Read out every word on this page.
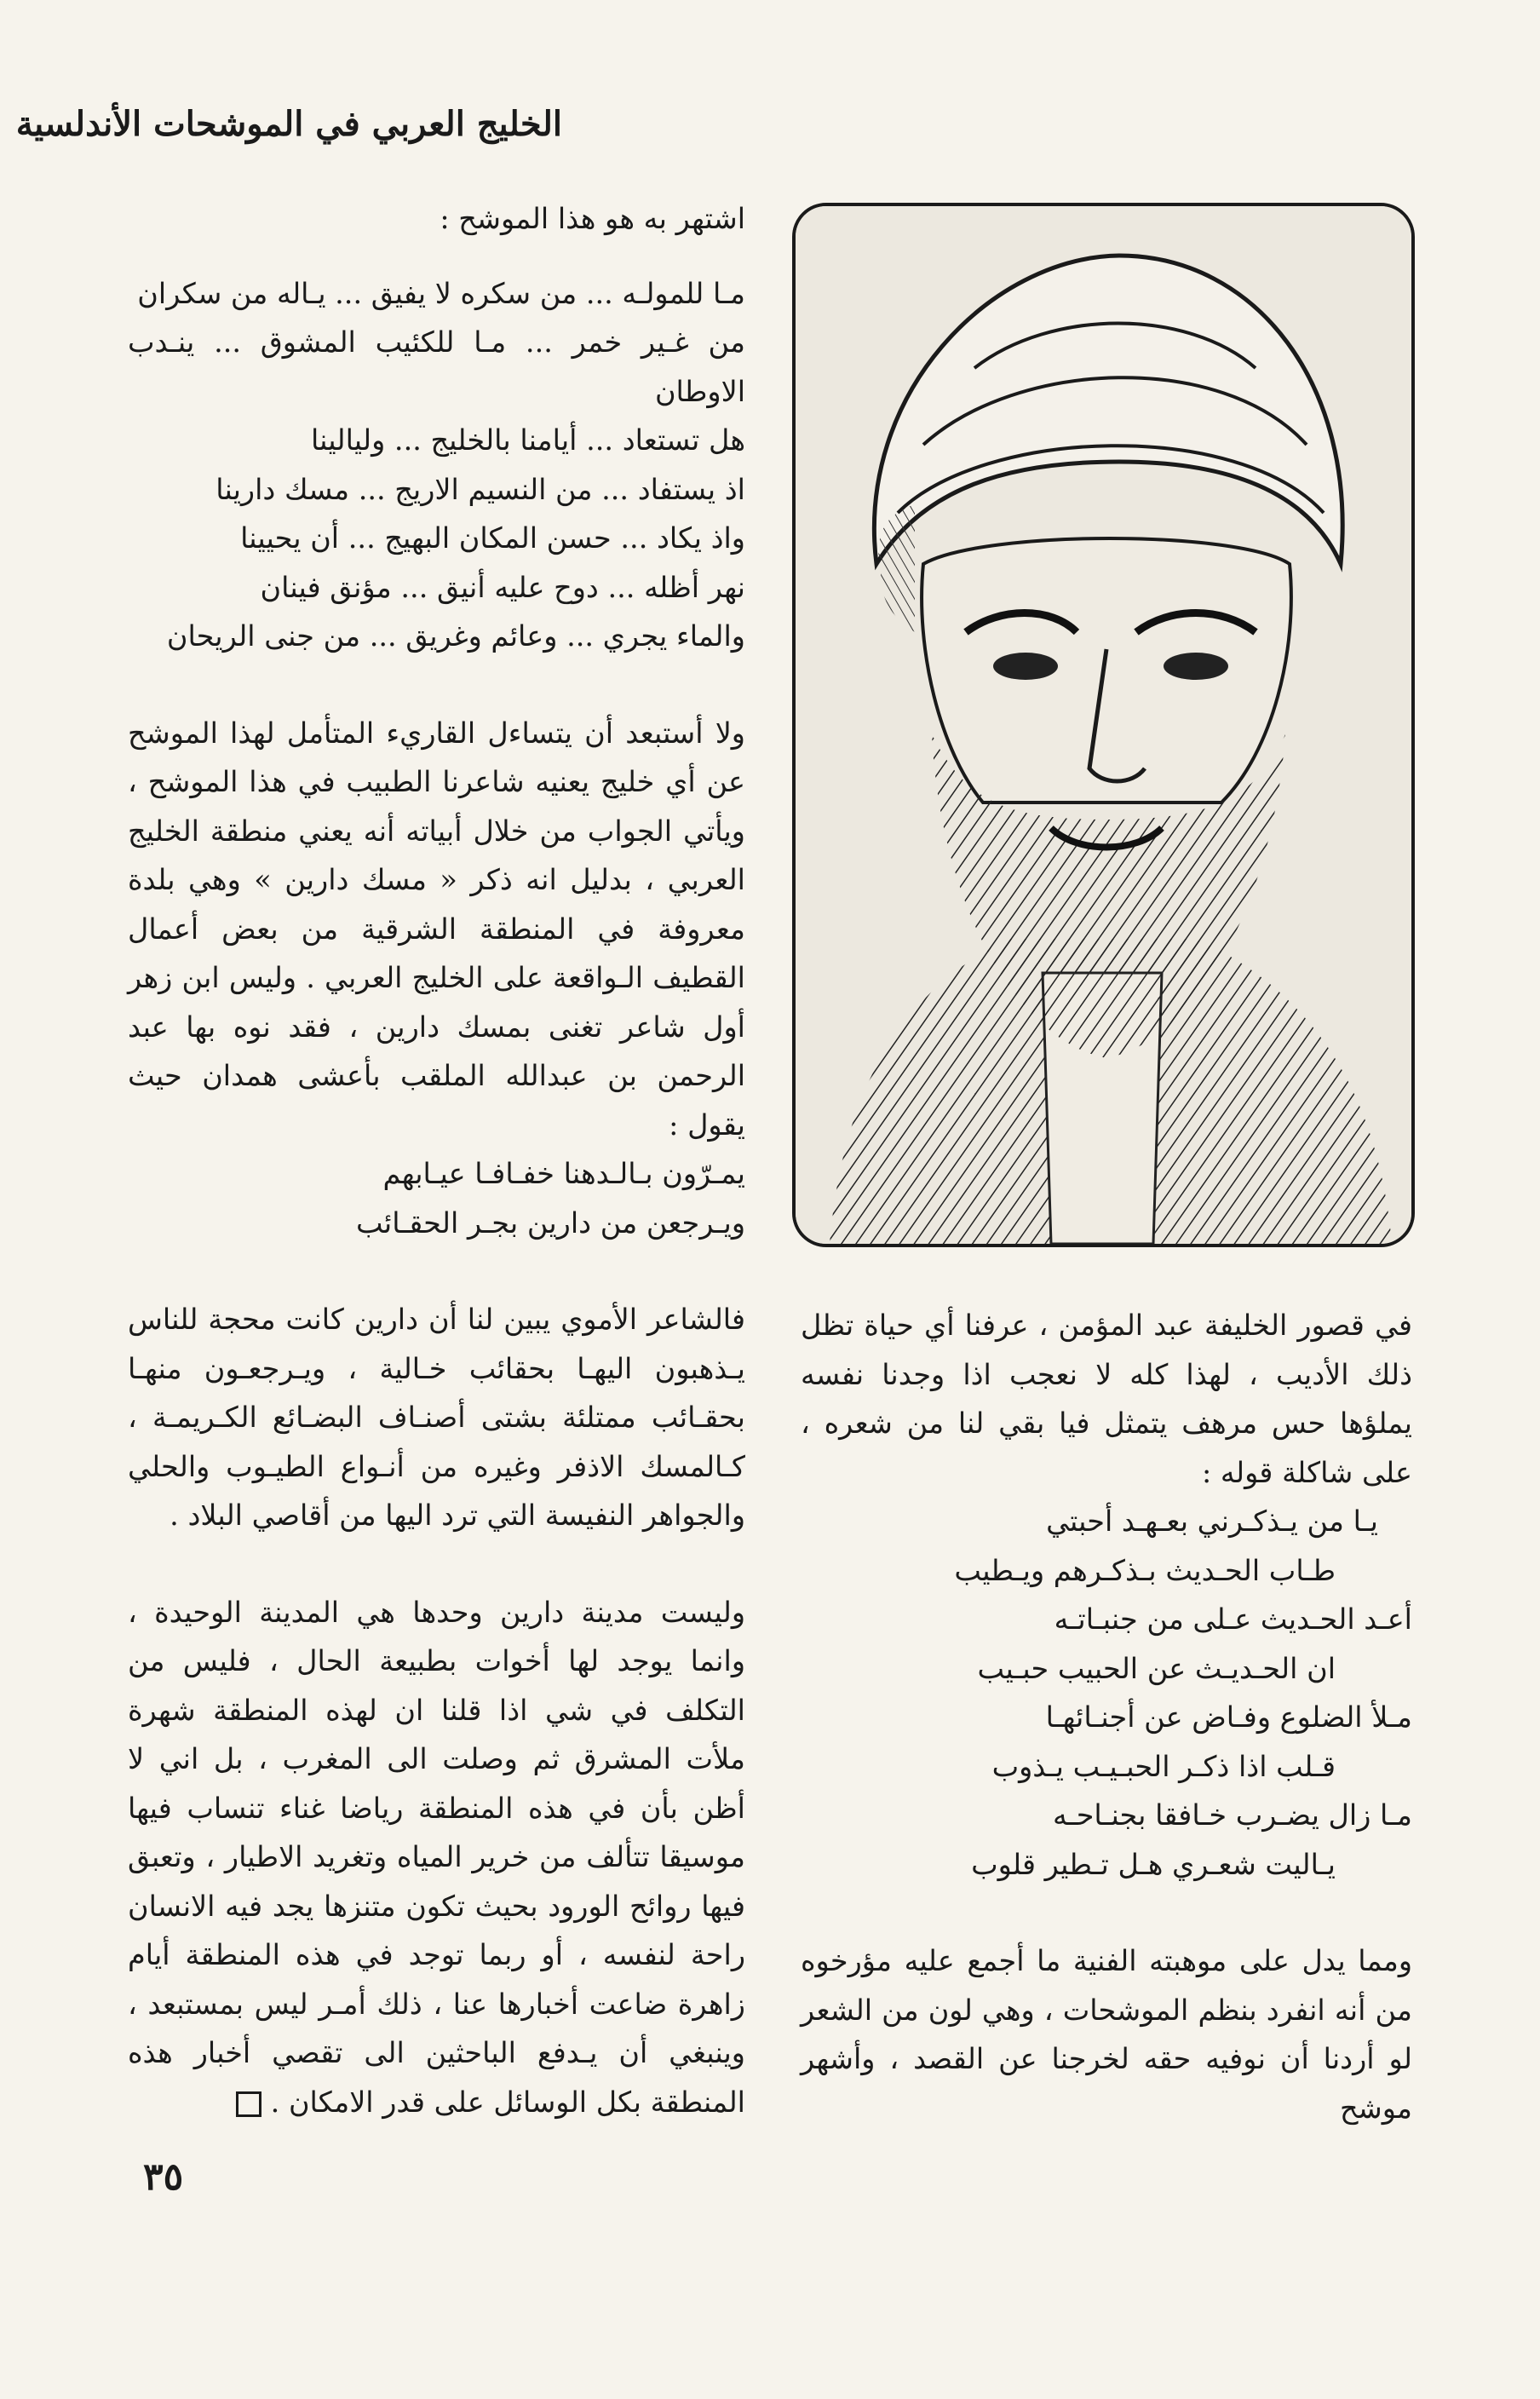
الخليج العربي في الموشحات الأندلسية

اشتهر به هو هذا الموشح :

مـا للمولـه ... من سكره لا يفيق ... يـاله من سكران

من غـير خمر ... مـا للكئيب المشوق ... ينـدب الاوطان

هل تستعاد ... أيامنا بالخليج ... وليالينا

اذ يستفاد ... من النسيم الاريج ... مسك دارينا

واذ يكاد ... حسن المكان البهيج ... أن يحيينا

نهر أظله ... دوح عليه أنيق ... مؤنق فينان

والماء يجري ... وعائم وغريق ... من جنى الريحان

ولا أستبعد أن يتساءل القاريء المتأمل لهذا الموشح عن أي خليج يعنيه شاعرنا الطبيب في هذا الموشح ، ويأتي الجواب من خلال أبياته أنه يعني منطقة الخليج العربي ، بدليل انه ذكر « مسك دارين » وهي بلدة معروفة في المنطقة الشرقية من بعض أعمال القطيف الـواقعة على الخليج العربي . وليس ابن زهر أول شاعر تغنى بمسك دارين ، فقد نوه بها عبد الرحمن بن عبدالله الملقب بأعشى همدان حيث يقول :

يمـرّون بـالـدهنا خفـافـا عيـابهم

ويـرجعن من دارين بجـر الحقـائب

فالشاعر الأموي يبين لنا أن دارين كانت محجة للناس يـذهبون اليهـا بحقائب خـالية ، ويـرجعـون منهـا بحقـائب ممتلئة بشتى أصنـاف البضـائع الكـريمـة ، كـالمسك الاذفر وغيره من أنـواع الطيـوب والحلي والجواهر النفيسة التي ترد اليها من أقاصي البلاد .

وليست مدينة دارين وحدها هي المدينة الوحيدة ، وانما يوجد لها أخوات بطبيعة الحال ، فليس من التكلف في شي اذا قلنا ان لهذه المنطقة شهرة ملأت المشرق ثم وصلت الى المغرب ، بل اني لا أظن بأن في هذه المنطقة رياضا غناء تنساب فيها موسيقا تتألف من خرير المياه وتغريد الاطيار ، وتعبق فيها روائح الورود بحيث تكون متنزها يجد فيه الانسان راحة لنفسه ، أو ربما توجد في هذه المنطقة أيام زاهرة ضاعت أخبارها عنا ، ذلك أمـر ليس بمستبعد ، وينبغي أن يـدفع الباحثين الى تقصي أخبار هذه المنطقة بكل الوسائل على قدر الامكان .

في قصور الخليفة عبد المؤمن ، عرفنا أي حياة تظل ذلك الأديب ، لهذا كله لا نعجب اذا وجدنا نفسه يملؤها حس مرهف يتمثل فيا بقي لنا من شعره ، على شاكلة قوله :

يـا من يـذكـرني بعـهـد أحبتي

طـاب الحـديث بـذكـرهم ويـطيب

أعـد الحـديث عـلى من جنبـاتـه

ان الحـديـث عن الحبيب حبـيب

مـلأ الضلوع وفـاض عن أجنـائهـا

قـلب اذا ذكـر الحبـيـب يـذوب

مـا زال يضـرب خـافقا بجنـاحـه

يـاليت شعـري هـل تـطير قلوب

ومما يدل على موهبته الفنية ما أجمع عليه مؤرخوه من أنه انفرد بنظم الموشحات ، وهي لون من الشعر لو أردنا أن نوفيه حقه لخرجنا عن القصد ، وأشهر موشح

٣٥
